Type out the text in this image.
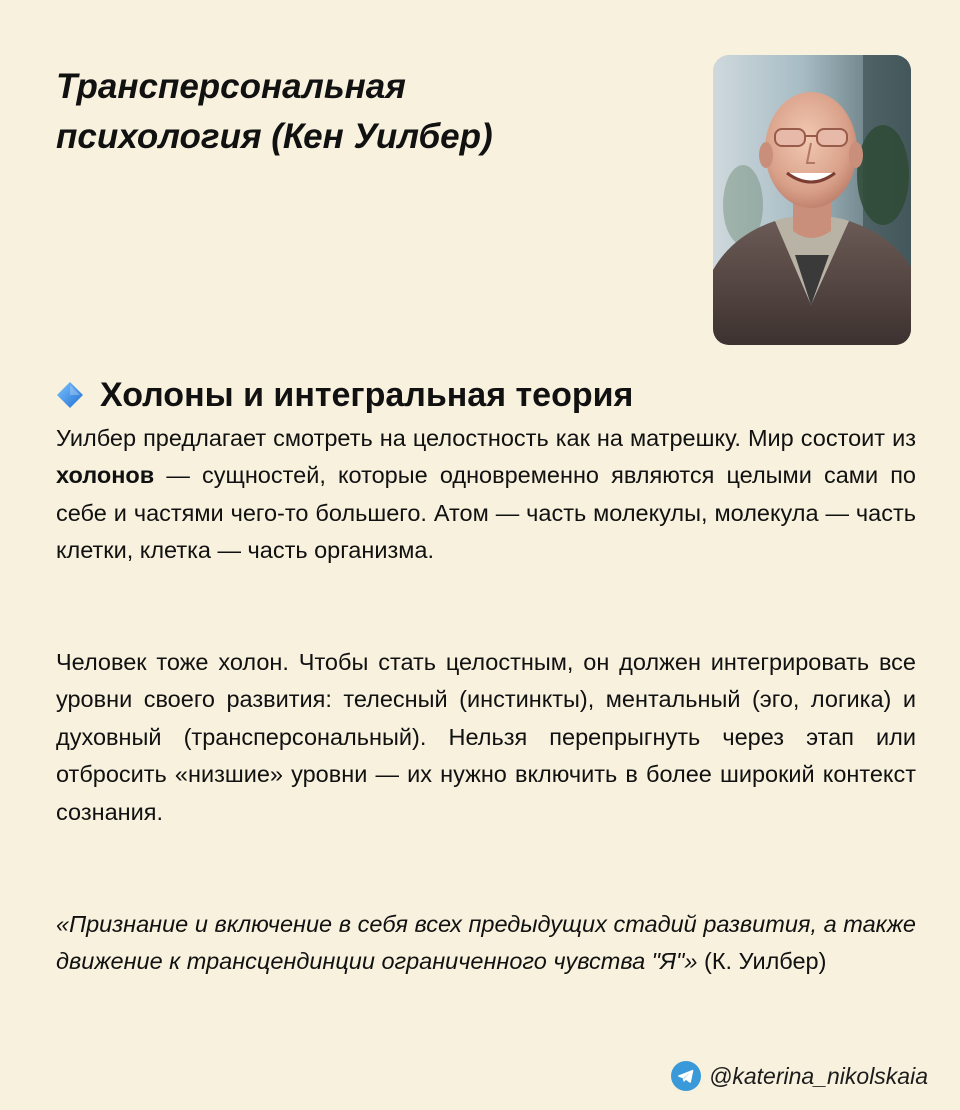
Трансперсональная
психология (Кен Уилбер)
Холоны и интегральная теория

Уилбер предлагает смотреть на целостность как на матрешку. Мир состоит из холонов — сущностей, которые одновременно являются целыми сами по себе и частями чего-то большего. Атом — часть молекулы, молекула — часть клетки, клетка — часть организма.

Человек тоже холон. Чтобы стать целостным, он должен интегрировать все уровни своего развития: телесный (инстинкты), ментальный (эго, логика) и духовный (трансперсональный). Нельзя перепрыгнуть через этап или отбросить «низшие» уровни — их нужно включить в более широкий контекст сознания.

«Признание и включение в себя всех предыдущих стадий развития, а также движение к трансцендинции ограниченного чувства "Я"» (К. Уилбер)

@katerina_nikolskaia
